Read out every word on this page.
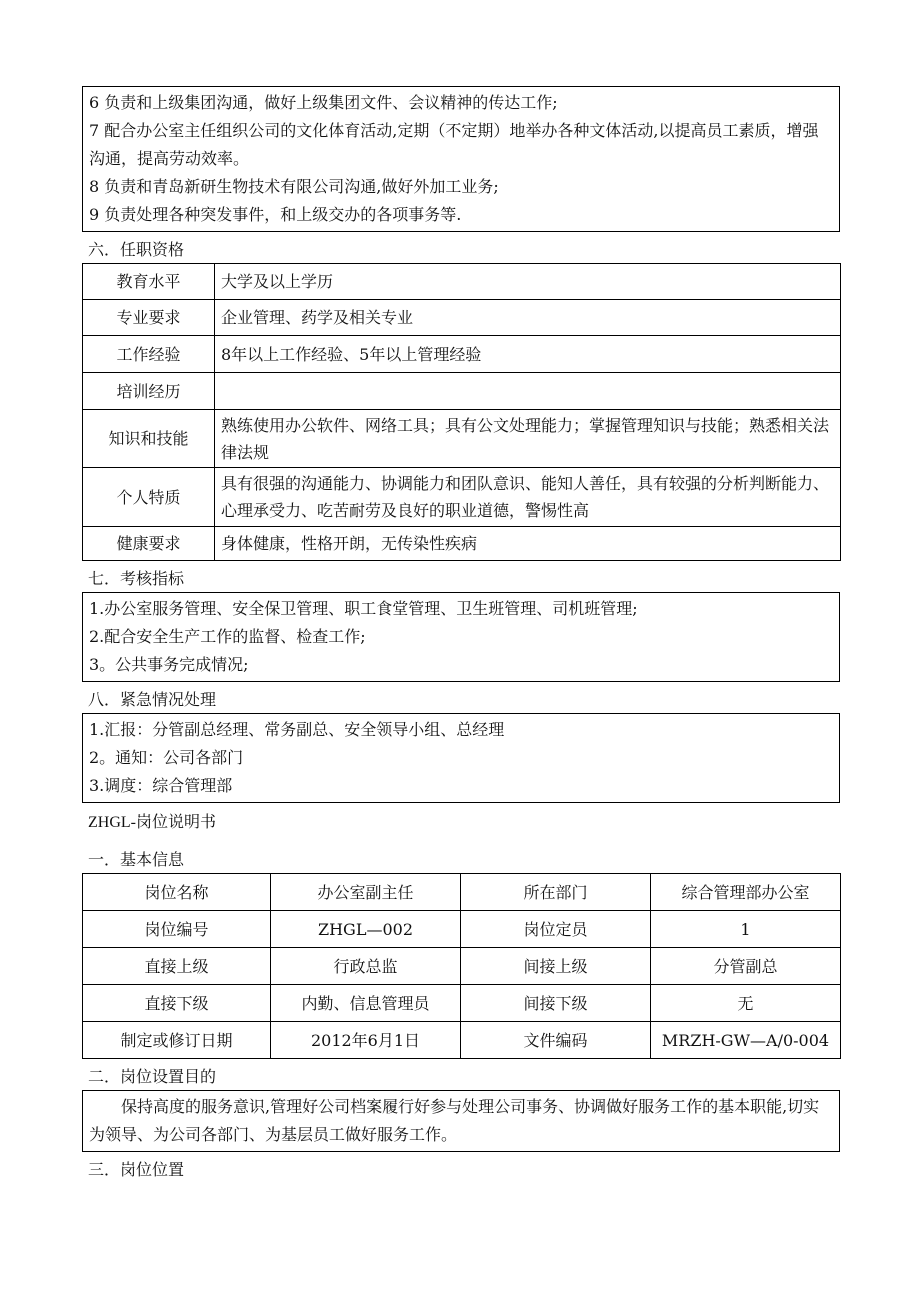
6 负责和上级集团沟通，做好上级集团文件、会议精神的传达工作;

7 配合办公室主任组织公司的文化体育活动,定期（不定期）地举办各种文体活动,以提高员工素质，增强沟通，提高劳动效率。

8 负责和青岛新研生物技术有限公司沟通,做好外加工业务;

9 负责处理各种突发事件，和上级交办的各项事务等.

六．任职资格

教育水平	大学及以上学历
专业要求	企业管理、药学及相关专业
工作经验	8年以上工作经验、5年以上管理经验
培训经历	
知识和技能	熟练使用办公软件、网络工具；具有公文处理能力；掌握管理知识与技能；熟悉相关法律法规
个人特质	具有很强的沟通能力、协调能力和团队意识、能知人善任，具有较强的分析判断能力、心理承受力、吃苦耐劳及良好的职业道德，警惕性高
健康要求	身体健康，性格开朗，无传染性疾病

七．考核指标

1.办公室服务管理、安全保卫管理、职工食堂管理、卫生班管理、司机班管理;

2.配合安全生产工作的监督、检查工作;

3。公共事务完成情况;

八．紧急情况处理

1.汇报：分管副总经理、常务副总、安全领导小组、总经理

2。通知：公司各部门

3.调度：综合管理部

ZHGL-岗位说明书

一．基本信息

岗位名称	办公室副主任	所在部门	综合管理部办公室
岗位编号	ZHGL—002	岗位定员	1
直接上级	行政总监	间接上级	分管副总
直接下级	内勤、信息管理员	间接下级	无
制定或修订日期	2012年6月1日	文件编码	MRZH-GW—A/0-004

二．岗位设置目的

保持高度的服务意识,管理好公司档案履行好参与处理公司事务、协调做好服务工作的基本职能,切实为领导、为公司各部门、为基层员工做好服务工作。

三．岗位位置
